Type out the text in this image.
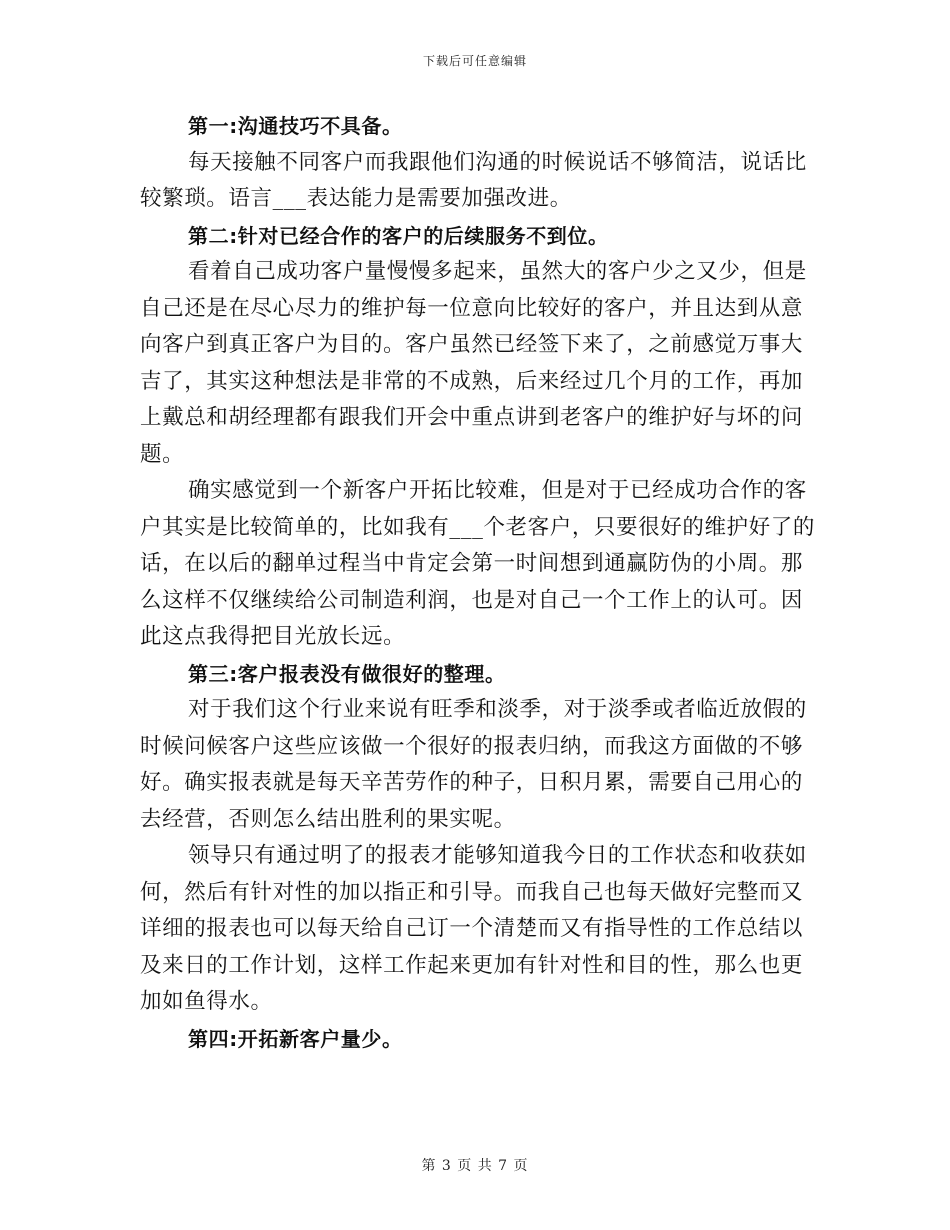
下载后可任意编辑
第一:沟通技巧不具备。
每天接触不同客户而我跟他们沟通的时候说话不够简洁，说话比
较繁琐。语言___表达能力是需要加强改进。
第二:针对已经合作的客户的后续服务不到位。
看着自己成功客户量慢慢多起来，虽然大的客户少之又少，但是
自己还是在尽心尽力的维护每一位意向比较好的客户，并且达到从意
向客户到真正客户为目的。客户虽然已经签下来了，之前感觉万事大
吉了，其实这种想法是非常的不成熟，后来经过几个月的工作，再加
上戴总和胡经理都有跟我们开会中重点讲到老客户的维护好与坏的问
题。
确实感觉到一个新客户开拓比较难，但是对于已经成功合作的客
户其实是比较简单的，比如我有___个老客户，只要很好的维护好了的
话，在以后的翻单过程当中肯定会第一时间想到通赢防伪的小周。那
么这样不仅继续给公司制造利润，也是对自己一个工作上的认可。因
此这点我得把目光放长远。
第三:客户报表没有做很好的整理。
对于我们这个行业来说有旺季和淡季，对于淡季或者临近放假的
时候问候客户这些应该做一个很好的报表归纳，而我这方面做的不够
好。确实报表就是每天辛苦劳作的种子，日积月累，需要自己用心的
去经营，否则怎么结出胜利的果实呢。
领导只有通过明了的报表才能够知道我今日的工作状态和收获如
何，然后有针对性的加以指正和引导。而我自己也每天做好完整而又
详细的报表也可以每天给自己订一个清楚而又有指导性的工作总结以
及来日的工作计划，这样工作起来更加有针对性和目的性，那么也更
加如鱼得水。
第四:开拓新客户量少。
第 3 页 共 7 页
